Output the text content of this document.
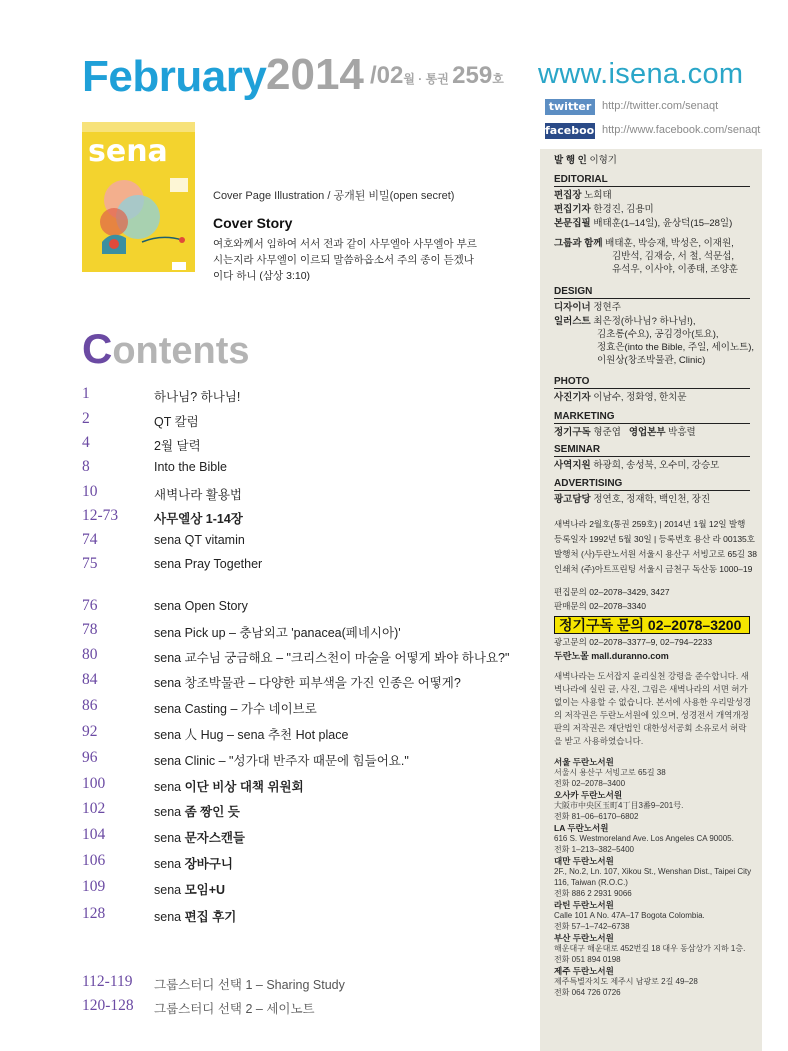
February 2014 /02월 · 통권 259호 www.isena.com
twitter http://twitter.com/senaqt
facebook http://www.facebook.com/senaqt
sena
Cover Page Illustration / 공개된 비밀(open secret)
Cover Story
여호와께서 임하여 서서 전과 같이 사무엘아 사무엘아 부르시는지라 사무엘이 이르되 말씀하옵소서 주의 종이 듣겠나이다 하니 (삼상 3:10)
Contents
1	하나님? 하나님!
2	QT 칼럼
4	2월 달력
8	Into the Bible
10	새벽나라 활용법
12-73	사무엘상 1-14장
74	sena QT vitamin
75	sena Pray Together
76	sena Open Story
78	sena Pick up – 충남외고 'panacea(페네시아)'
80	sena 교수님 궁금해요 – "크리스천이 마술을 어떻게 봐야 하나요?"
84	sena 창조박물관 – 다양한 피부색을 가진 인종은 어떻게?
86	sena Casting – 가수 네이브로
92	sena 人 Hug – sena 추천 Hot place
96	sena Clinic – "성가대 반주자 때문에 힘들어요."
100	sena 이단 비상 대책 위원회
102	sena 좀 짱인 듯
104	sena 문자스캔들
106	sena 장바구니
109	sena 모임+U
128	sena 편집 후기
112-119 그룹스터디 선택 1 – Sharing Study
120-128 그룹스터디 선택 2 – 세이노트
발 행 인 이형기
EDITORIAL
편집장 노희태
편집기자 한경진, 김용미
본문집필 배태훈(1–14일), 윤상덕(15–28일)
그룹과 함께 배태훈, 박승재, 박성은, 이재원,
김반석, 김재승, 서 철, 석문섭,
유석우, 이사야, 이종태, 조양훈
DESIGN
디자이너 정현주
일러스트 최은정(하나님? 하나님!),
김초롱(수요), 공김경아(토요),
정효은(into the Bible, 주일, 세이노트),
이원상(창조박물관, Clinic)
PHOTO
사진기자 이남수, 정화영, 한치문
MARKETING
정기구독 형준엽 영업본부 박흥렬
SEMINAR
사역지원 하광희, 송성북, 오수미, 강승모
ADVERTISING
광고담당 정연호, 정재학, 백인천, 장진
새벽나라 2월호(통권 259호) | 2014년 1월 12일 발행
등록일자 1992년 5월 30일 | 등록번호 용산 라 00135호
발행처 (사)두란노서원 서울시 용산구 서빙고로 65길 38
인쇄처 (주)아트프린팅 서울시 금천구 독산동 1000–19
편집문의 02–2078–3429, 3427
판매문의 02–2078–3340
정기구독 문의 02–2078–3200
광고문의 02–2078–3377–9, 02–794–2233
두란노몰 mall.duranno.com
새벽나라는 도서잡지 윤리실천 강령을 준수합니다. 새벽나라에 실린 글, 사진, 그림은 새벽나라의 서면 허가 없이는 사용할 수 없습니다. 본서에 사용한 우리말성경의 저작권은 두란노서원에 있으며, 성경전서 개역개정판의 저작권은 재단법인 대한성서공회 소유로서 허락을 받고 사용하였습니다.
서울 두란노서원
서울시 용산구 서빙고로 65길 38
전화 02–2078–3400
오사카 두란노서원
大阪市中央区玉町4丁目3番9–201号.
전화 81–06–6170–6802
LA 두란노서원
616 S. Westmoreland Ave. Los Angeles CA 90005.
전화 1–213–382–5400
대만 두란노서원
2F., No.2, Ln. 107, Xikou St., Wenshan Dist., Taipei City
116, Taiwan (R.O.C.)
전화 886 2 2931 9066
라틴 두란노서원
Calle 101 A No. 47A–17 Bogota Colombia.
전화 57–1–742–6738
부산 두란노서원
해운대구 해운대로 452번길 18 대우 동삼상가 지하 1층.
전화 051 894 0198
제주 두란노서원
제주특별자치도 제주시 남광로 2길 49–28
전화 064 726 0726
